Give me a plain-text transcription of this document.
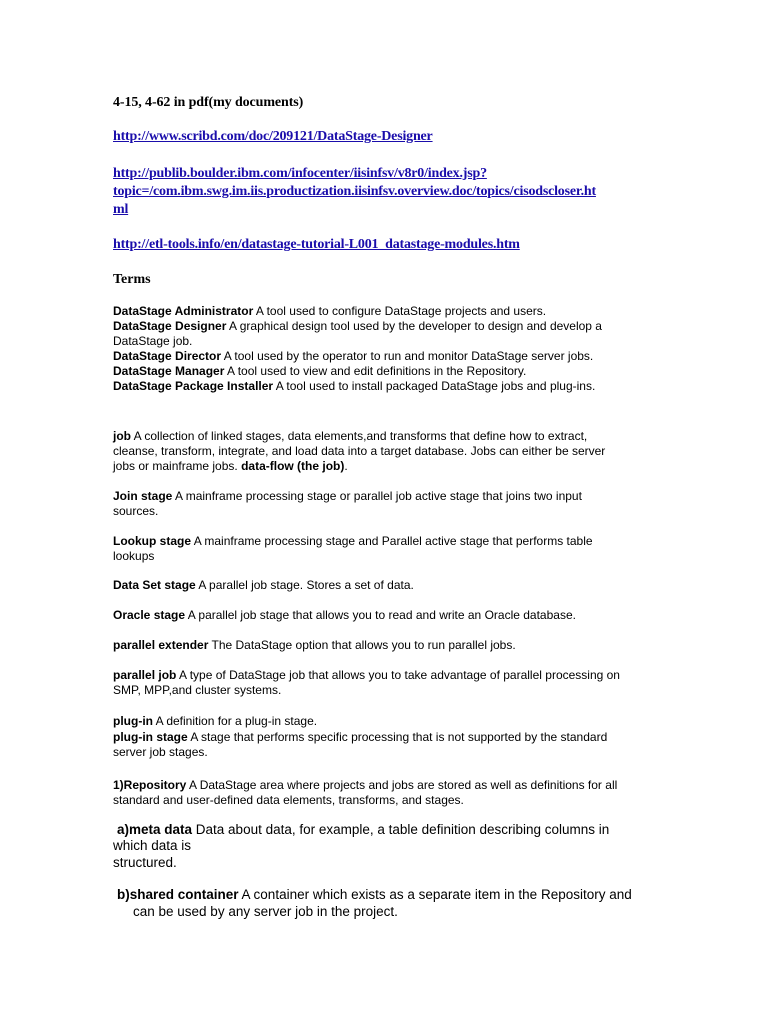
4-15, 4-62 in pdf(my documents)
http://www.scribd.com/doc/209121/DataStage-Designer
http://publib.boulder.ibm.com/infocenter/iisinfsv/v8r0/index.jsp?
topic=/com.ibm.swg.im.iis.productization.iisinfsv.overview.doc/topics/cisodscloser.ht
ml
http://etl-tools.info/en/datastage-tutorial-L001_datastage-modules.htm
Terms
DataStage Administrator A tool used to configure DataStage projects and users.
DataStage Designer A graphical design tool used by the developer to design and develop a
DataStage job.
DataStage Director A tool used by the operator to run and monitor DataStage server jobs.
DataStage Manager A tool used to view and edit definitions in the Repository.
DataStage Package Installer A tool used to install packaged DataStage jobs and plug-ins.
job A collection of linked stages, data elements,and transforms that define how to extract,
cleanse, transform, integrate, and load data into a target database. Jobs can either be server
jobs or mainframe jobs. data-flow (the job).
Join stage A mainframe processing stage or parallel job active stage that joins two input
sources.
Lookup stage A mainframe processing stage and Parallel active stage that performs table
lookups
Data Set stage A parallel job stage. Stores a set of data.
Oracle stage A parallel job stage that allows you to read and write an Oracle database.
parallel extender The DataStage option that allows you to run parallel jobs.
parallel job A type of DataStage job that allows you to take advantage of parallel processing on
SMP, MPP,and cluster systems.
plug-in A definition for a plug-in stage.
plug-in stage A stage that performs specific processing that is not supported by the standard
server job stages.
1)Repository A DataStage area where projects and jobs are stored as well as definitions for all
standard and user-defined data elements, transforms, and stages.
a)meta data Data about data, for example, a table definition describing columns in
which data is
structured.
b)shared container A container which exists as a separate item in the Repository and
can be used by any server job in the project.
